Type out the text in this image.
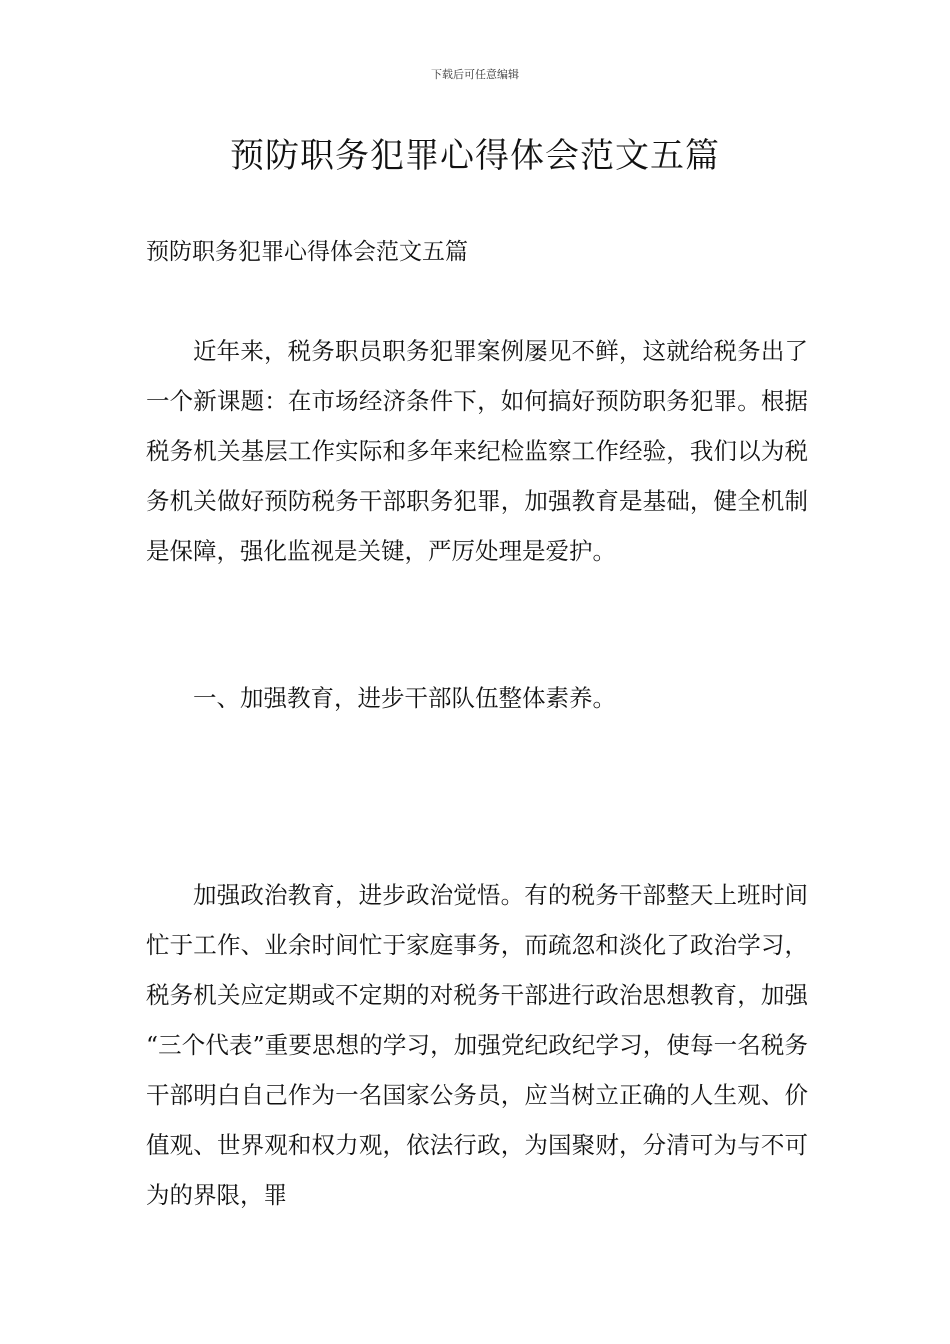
下载后可任意编辑
预防职务犯罪心得体会范文五篇
预防职务犯罪心得体会范文五篇
近年来，税务职员职务犯罪案例屡见不鲜，这就给税务出了一个新课题：在市场经济条件下，如何搞好预防职务犯罪。根据税务机关基层工作实际和多年来纪检监察工作经验，我们以为税务机关做好预防税务干部职务犯罪，加强教育是基础，健全机制是保障，强化监视是关键，严厉处理是爱护。
一、加强教育，进步干部队伍整体素养。
加强政治教育，进步政治觉悟。有的税务干部整天上班时间忙于工作、业余时间忙于家庭事务，而疏忽和淡化了政治学习，税务机关应定期或不定期的对税务干部进行政治思想教育，加强 “三个代表”重要思想的学习，加强党纪政纪学习，使每一名税务干部明白自己作为一名国家公务员，应当树立正确的人生观、价值观、世界观和权力观，依法行政，为国聚财，分清可为与不可为的界限，罪
